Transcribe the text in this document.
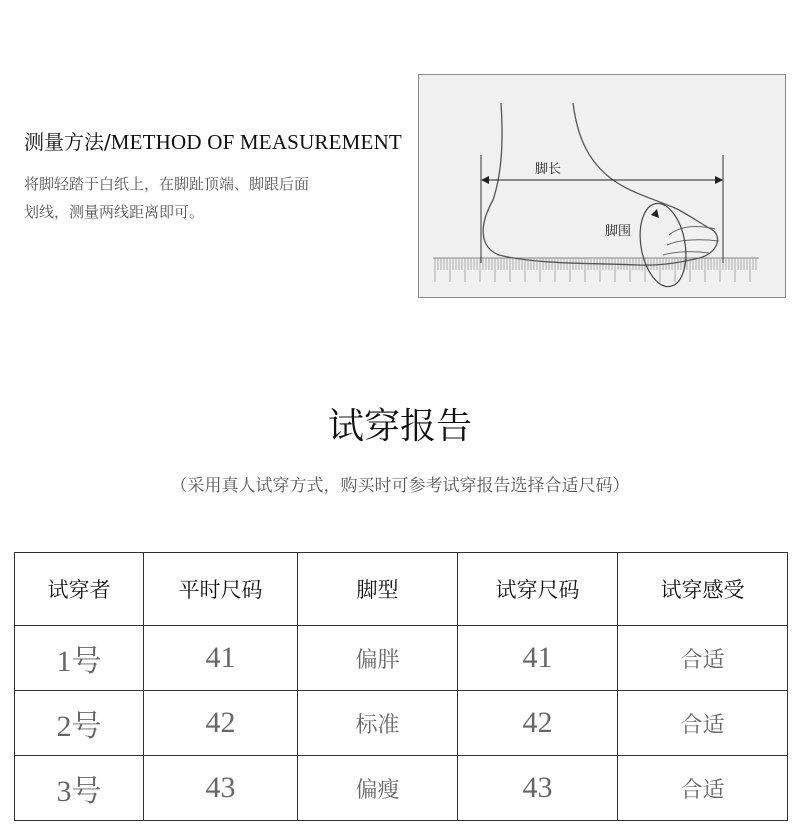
测量方法/METHOD OF MEASUREMENT
将脚轻踏于白纸上，在脚趾顶端、脚跟后面
划线，测量两线距离即可。
脚长
脚围
试穿报告
（采用真人试穿方式，购买时可参考试穿报告选择合适尺码）
试穿者	平时尺码	脚型	试穿尺码	试穿感受
1号	41	偏胖	41	合适
2号	42	标准	42	合适
3号	43	偏瘦	43	合适
